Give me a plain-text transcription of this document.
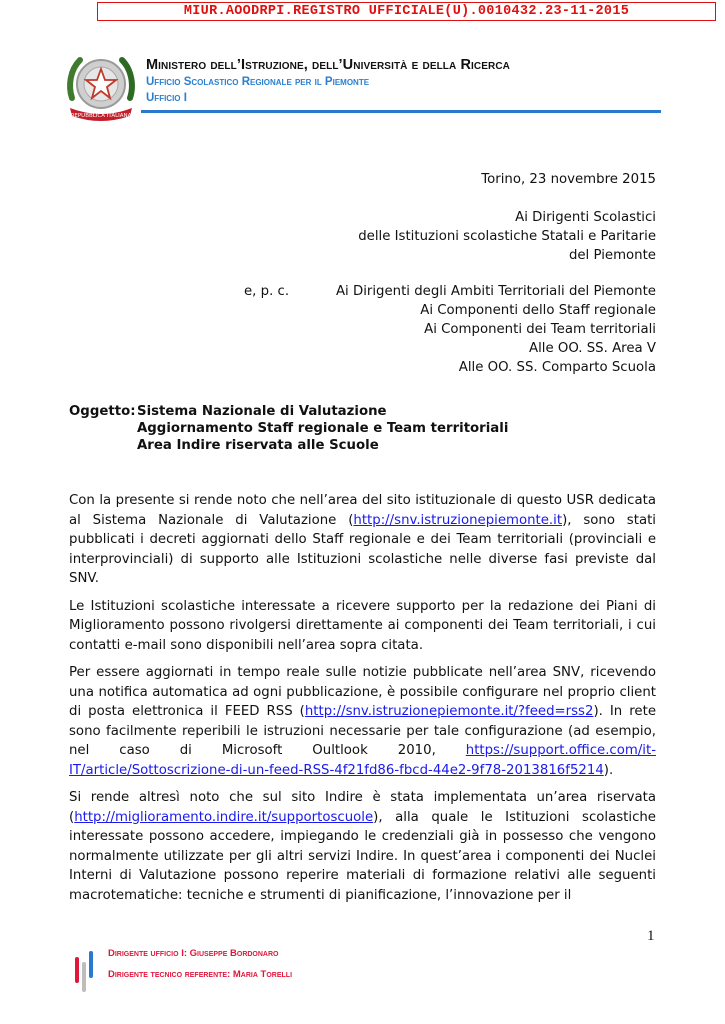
MIUR.AOODRPI.REGISTRO UFFICIALE(U).0010432.23-11-2015
REPUBBLICA ITALIANA
Ministero dell’Istruzione, dell’Università e della Ricerca
Ufficio Scolastico Regionale per il Piemonte
Ufficio I
Torino, 23 novembre 2015
Ai Dirigenti Scolastici
delle Istituzioni scolastiche Statali e Paritarie
del Piemonte
e, p. c.	Ai Dirigenti degli Ambiti Territoriali del Piemonte
Ai Componenti dello Staff regionale
Ai Componenti dei Team territoriali
Alle OO. SS. Area V
Alle OO. SS. Comparto Scuola
Oggetto:Sistema Nazionale di Valutazione
Aggiornamento Staff regionale e Team territoriali
Area Indire riservata alle Scuole

Con la presente si rende noto che nell’area del sito istituzionale di questo USR dedicata al Sistema Nazionale di Valutazione (http://snv.istruzionepiemonte.it), sono stati pubblicati i decreti aggiornati dello Staff regionale e dei Team territoriali (provinciali e interprovinciali) di supporto alle Istituzioni scolastiche nelle diverse fasi previste dal SNV.

Le Istituzioni scolastiche interessate a ricevere supporto per la redazione dei Piani di Miglioramento possono rivolgersi direttamente ai componenti dei Team territoriali, i cui contatti e-mail sono disponibili nell’area sopra citata.

Per essere aggiornati in tempo reale sulle notizie pubblicate nell’area SNV, ricevendo una notifica automatica ad ogni pubblicazione, è possibile configurare nel proprio client di posta elettronica il FEED RSS (http://snv.istruzionepiemonte.it/?feed=rss2). In rete sono facilmente reperibili le istruzioni necessarie per tale configurazione (ad esempio, nel caso di Microsoft Oultlook 2010, https://support.office.com/it-IT/article/Sottoscrizione-di-un-feed-RSS-4f21fd86-fbcd-44e2-9f78-2013816f5214).

Si rende altresì noto che sul sito Indire è stata implementata un’area riservata (http://miglioramento.indire.it/supportoscuole), alla quale le Istituzioni scolastiche interessate possono accedere, impiegando le credenziali già in possesso che vengono normalmente utilizzate per gli altri servizi Indire. In quest’area i componenti dei Nuclei Interni di Valutazione possono reperire materiali di formazione relativi alle seguenti macrotematiche: tecniche e strumenti di pianificazione, l’innovazione per il

1
Dirigente ufficio I: Giuseppe Bordonaro
Dirigente tecnico referente: Maria Torelli
